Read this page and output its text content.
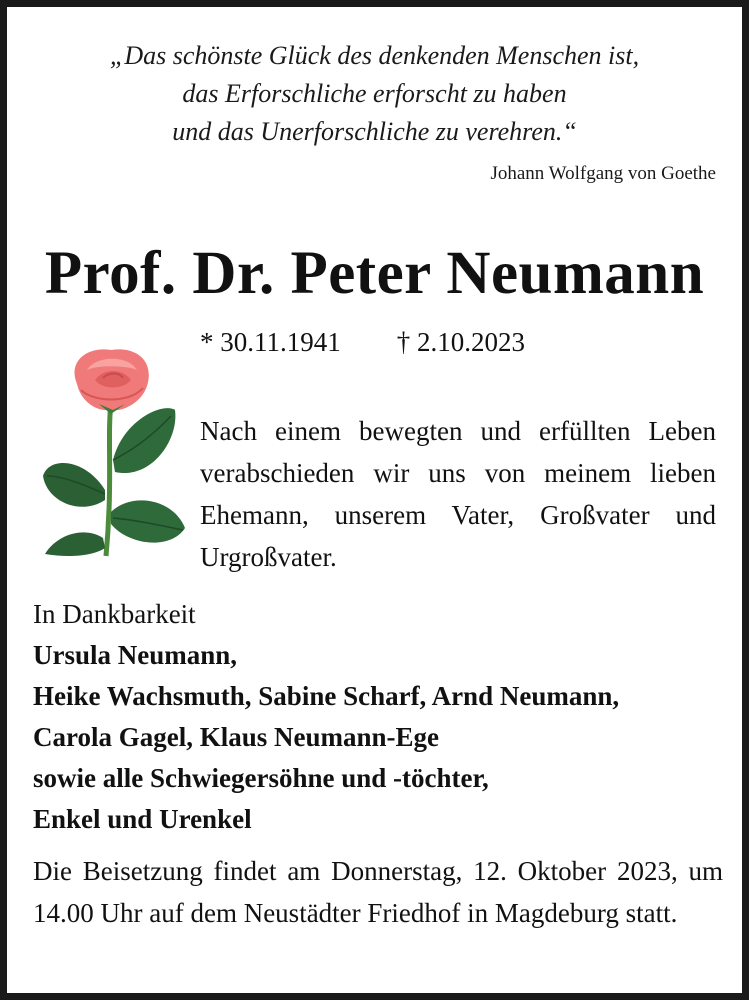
„Das schönste Glück des denkenden Menschen ist,
das Erforschliche erforscht zu haben
und das Unerforschliche zu verehren.“
Johann Wolfgang von Goethe
Prof. Dr. Peter Neumann
* 30.11.1941 † 2.10.2023
Nach einem bewegten und erfüllten Leben verabschieden wir uns von meinem lieben Ehemann, unserem Vater, Großvater und Urgroßvater.
In Dankbarkeit
Ursula Neumann,
Heike Wachsmuth, Sabine Scharf, Arnd Neumann,
Carola Gagel, Klaus Neumann-Ege
sowie alle Schwiegersöhne und -töchter,
Enkel und Urenkel
Die Beisetzung findet am Donnerstag, 12. Oktober 2023, um 14.00 Uhr auf dem Neustädter Friedhof in Magdeburg statt.
